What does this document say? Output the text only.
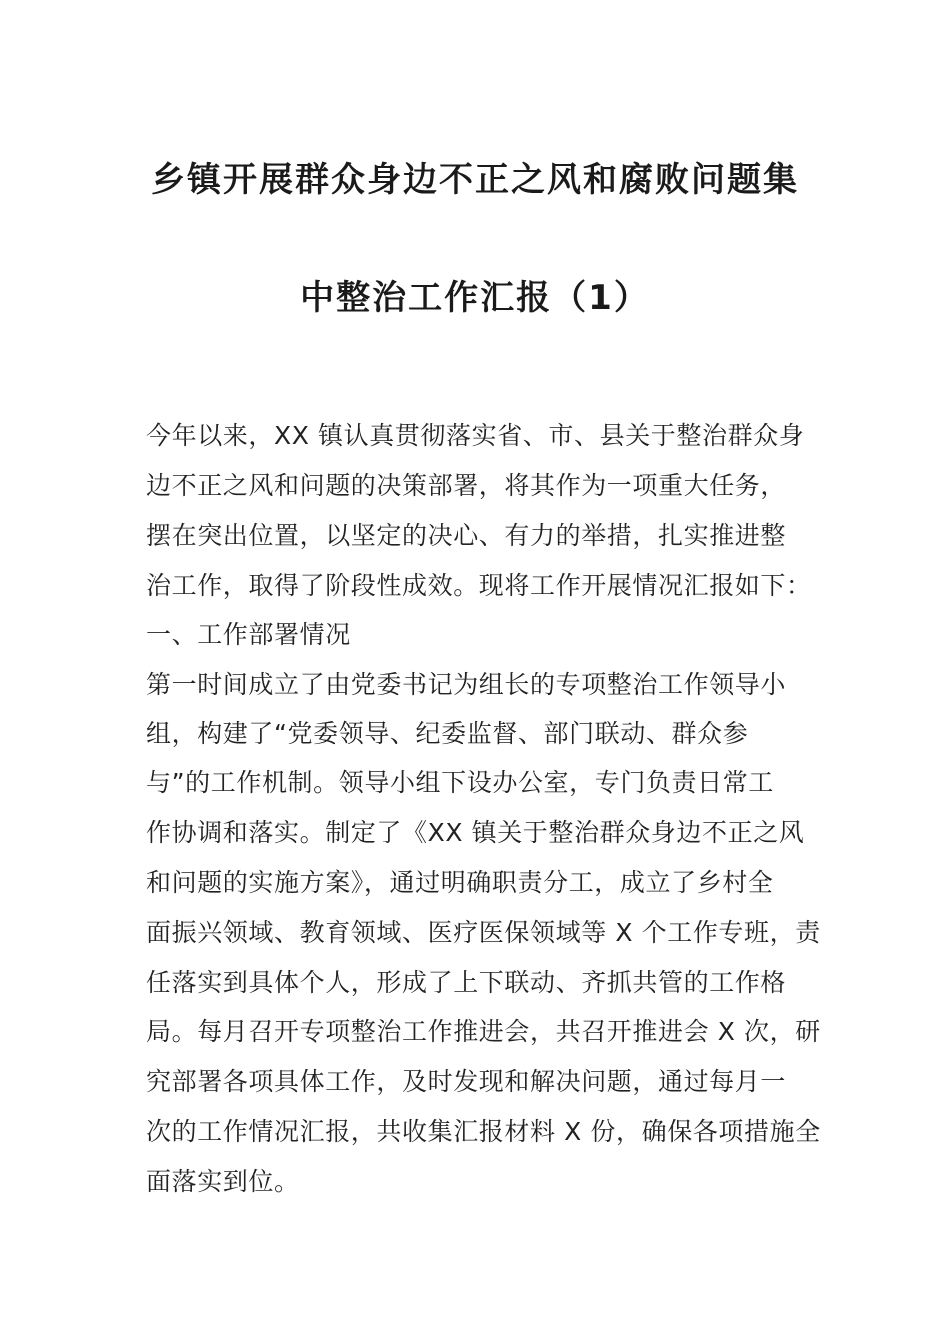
乡镇开展群众身边不正之风和腐败问题集
中整治工作汇报（1）
今年以来，XX 镇认真贯彻落实省、市、县关于整治群众身
边不正之风和问题的决策部署，将其作为一项重大任务，
摆在突出位置，以坚定的决心、有力的举措，扎实推进整
治工作，取得了阶段性成效。现将工作开展情况汇报如下：
一、工作部署情况
第一时间成立了由党委书记为组长的专项整治工作领导小
组，构建了“党委领导、纪委监督、部门联动、群众参
与”的工作机制。领导小组下设办公室，专门负责日常工
作协调和落实。制定了《XX 镇关于整治群众身边不正之风
和问题的实施方案》，通过明确职责分工，成立了乡村全
面振兴领域、教育领域、医疗医保领域等 X 个工作专班，责
任落实到具体个人，形成了上下联动、齐抓共管的工作格
局。每月召开专项整治工作推进会，共召开推进会 X 次，研
究部署各项具体工作，及时发现和解决问题，通过每月一
次的工作情况汇报，共收集汇报材料 X 份，确保各项措施全
面落实到位。
